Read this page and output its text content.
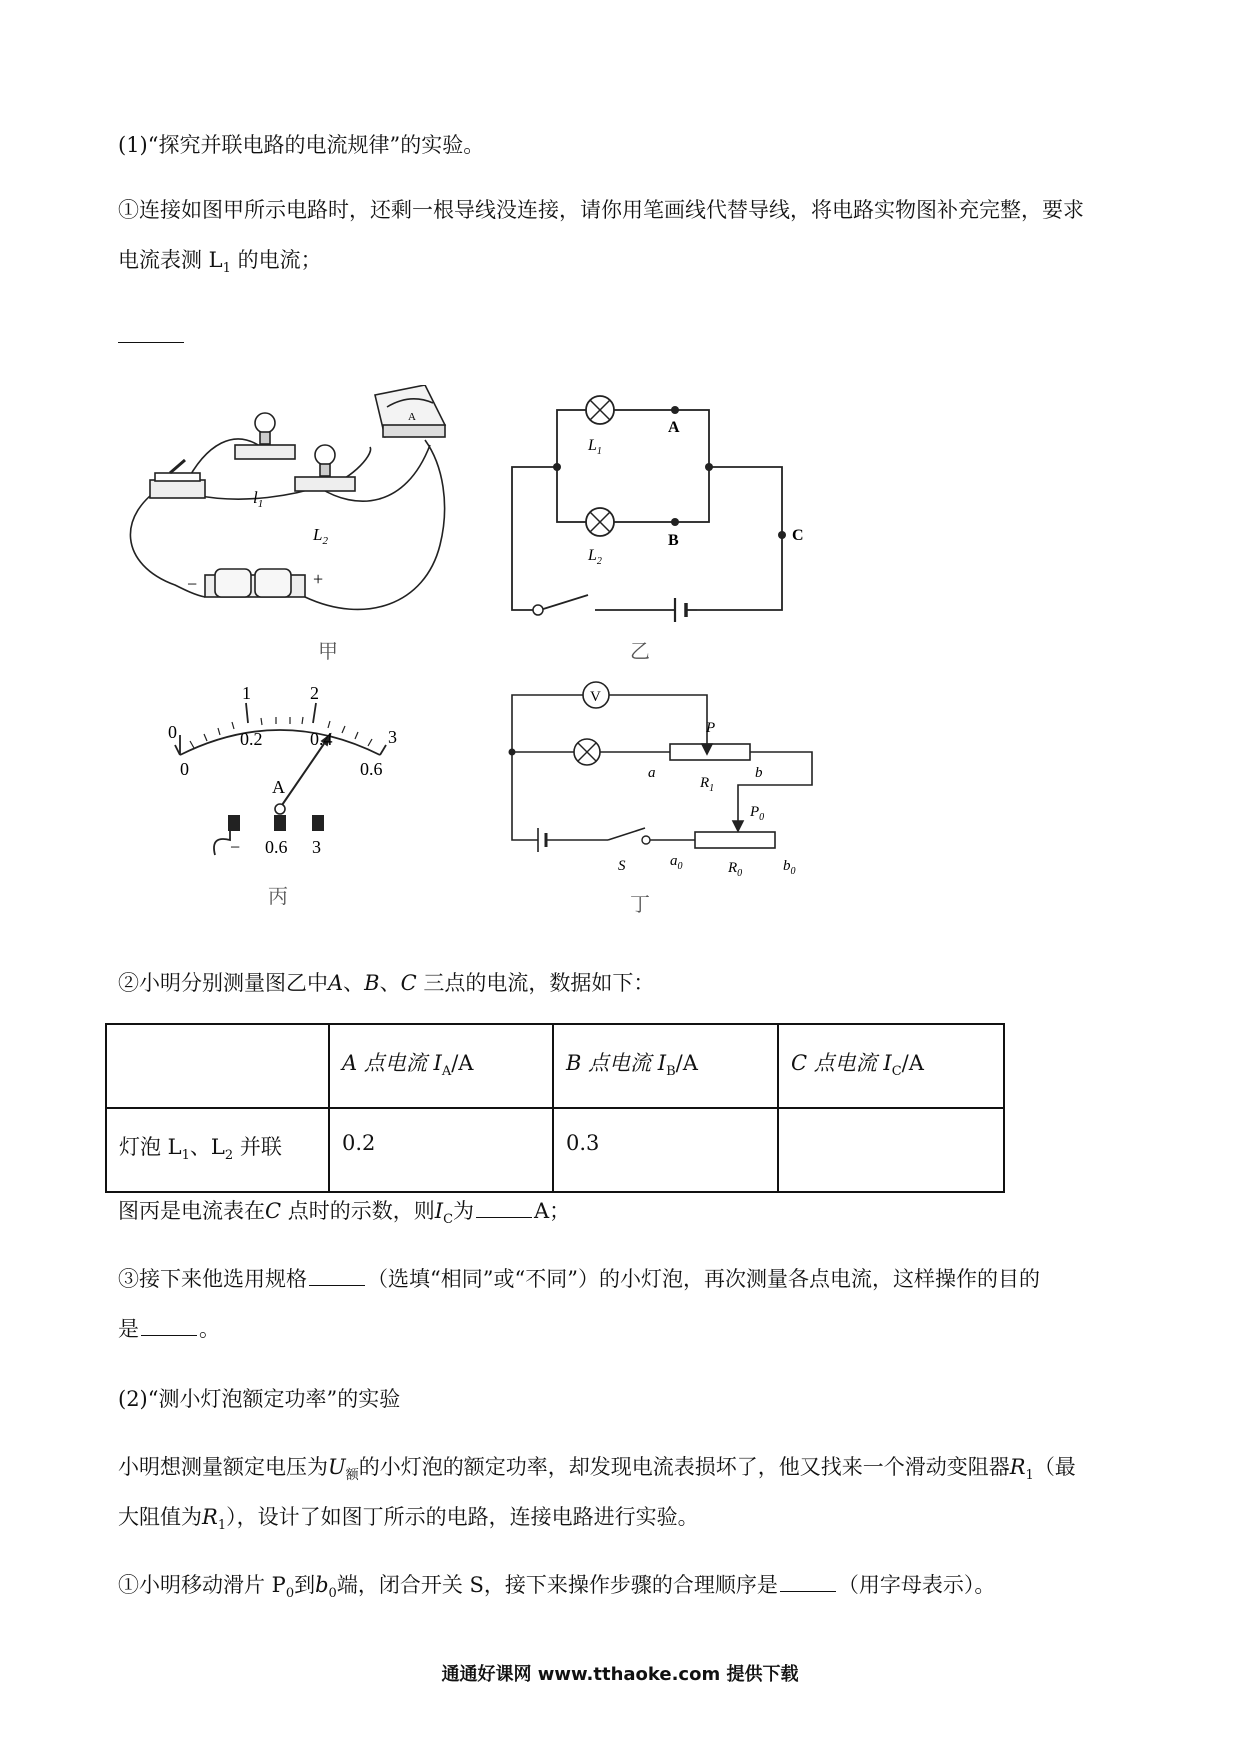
(1)“探究并联电路的电流规律”的实验。
①连接如图甲所示电路时，还剩一根导线没连接，请你用笔画线代替导线，将电路实物图补充完整，要求
电流表测 $L_1$ 的电流；
A
$l_1$
$L_2$
−	+
甲
A
B	C
$L_1$
$L_2$
乙
0
1	2
3
0
0.2	0.4
0.6
A
− 0.6 3
丙
V
P
a	b
$R_1$
$P_0$
S	$a_0$	$R_0$	$b_0$
丁
②小明分别测量图乙中A、B、C 三点的电流，数据如下：
	A 点电流 $I_A/A$	B 点电流 $I_B/A$	C 点电流 $I_C/A$
灯泡 $L_1$、$L_2$ 并联	0.2	0.3	
图丙是电流表在C 点时的示数，则$I_C$为	A；
③接下来他选用规格	（选填“相同”或“不同”）的小灯泡，再次测量各点电流，这样操作的目的
是	。
(2)“测小灯泡额定功率”的实验
小明想测量额定电压为$U_额$的小灯泡的额定功率，却发现电流表损坏了，他又找来一个滑动变阻器$R_1$（最
大阻值为$R_1$），设计了如图丁所示的电路，连接电路进行实验。
①小明移动滑片 $P_0$到$b_0$端，闭合开关 S，接下来操作步骤的合理顺序是	（用字母表示）。
通通好课网 www.tthaoke.com 提供下载
